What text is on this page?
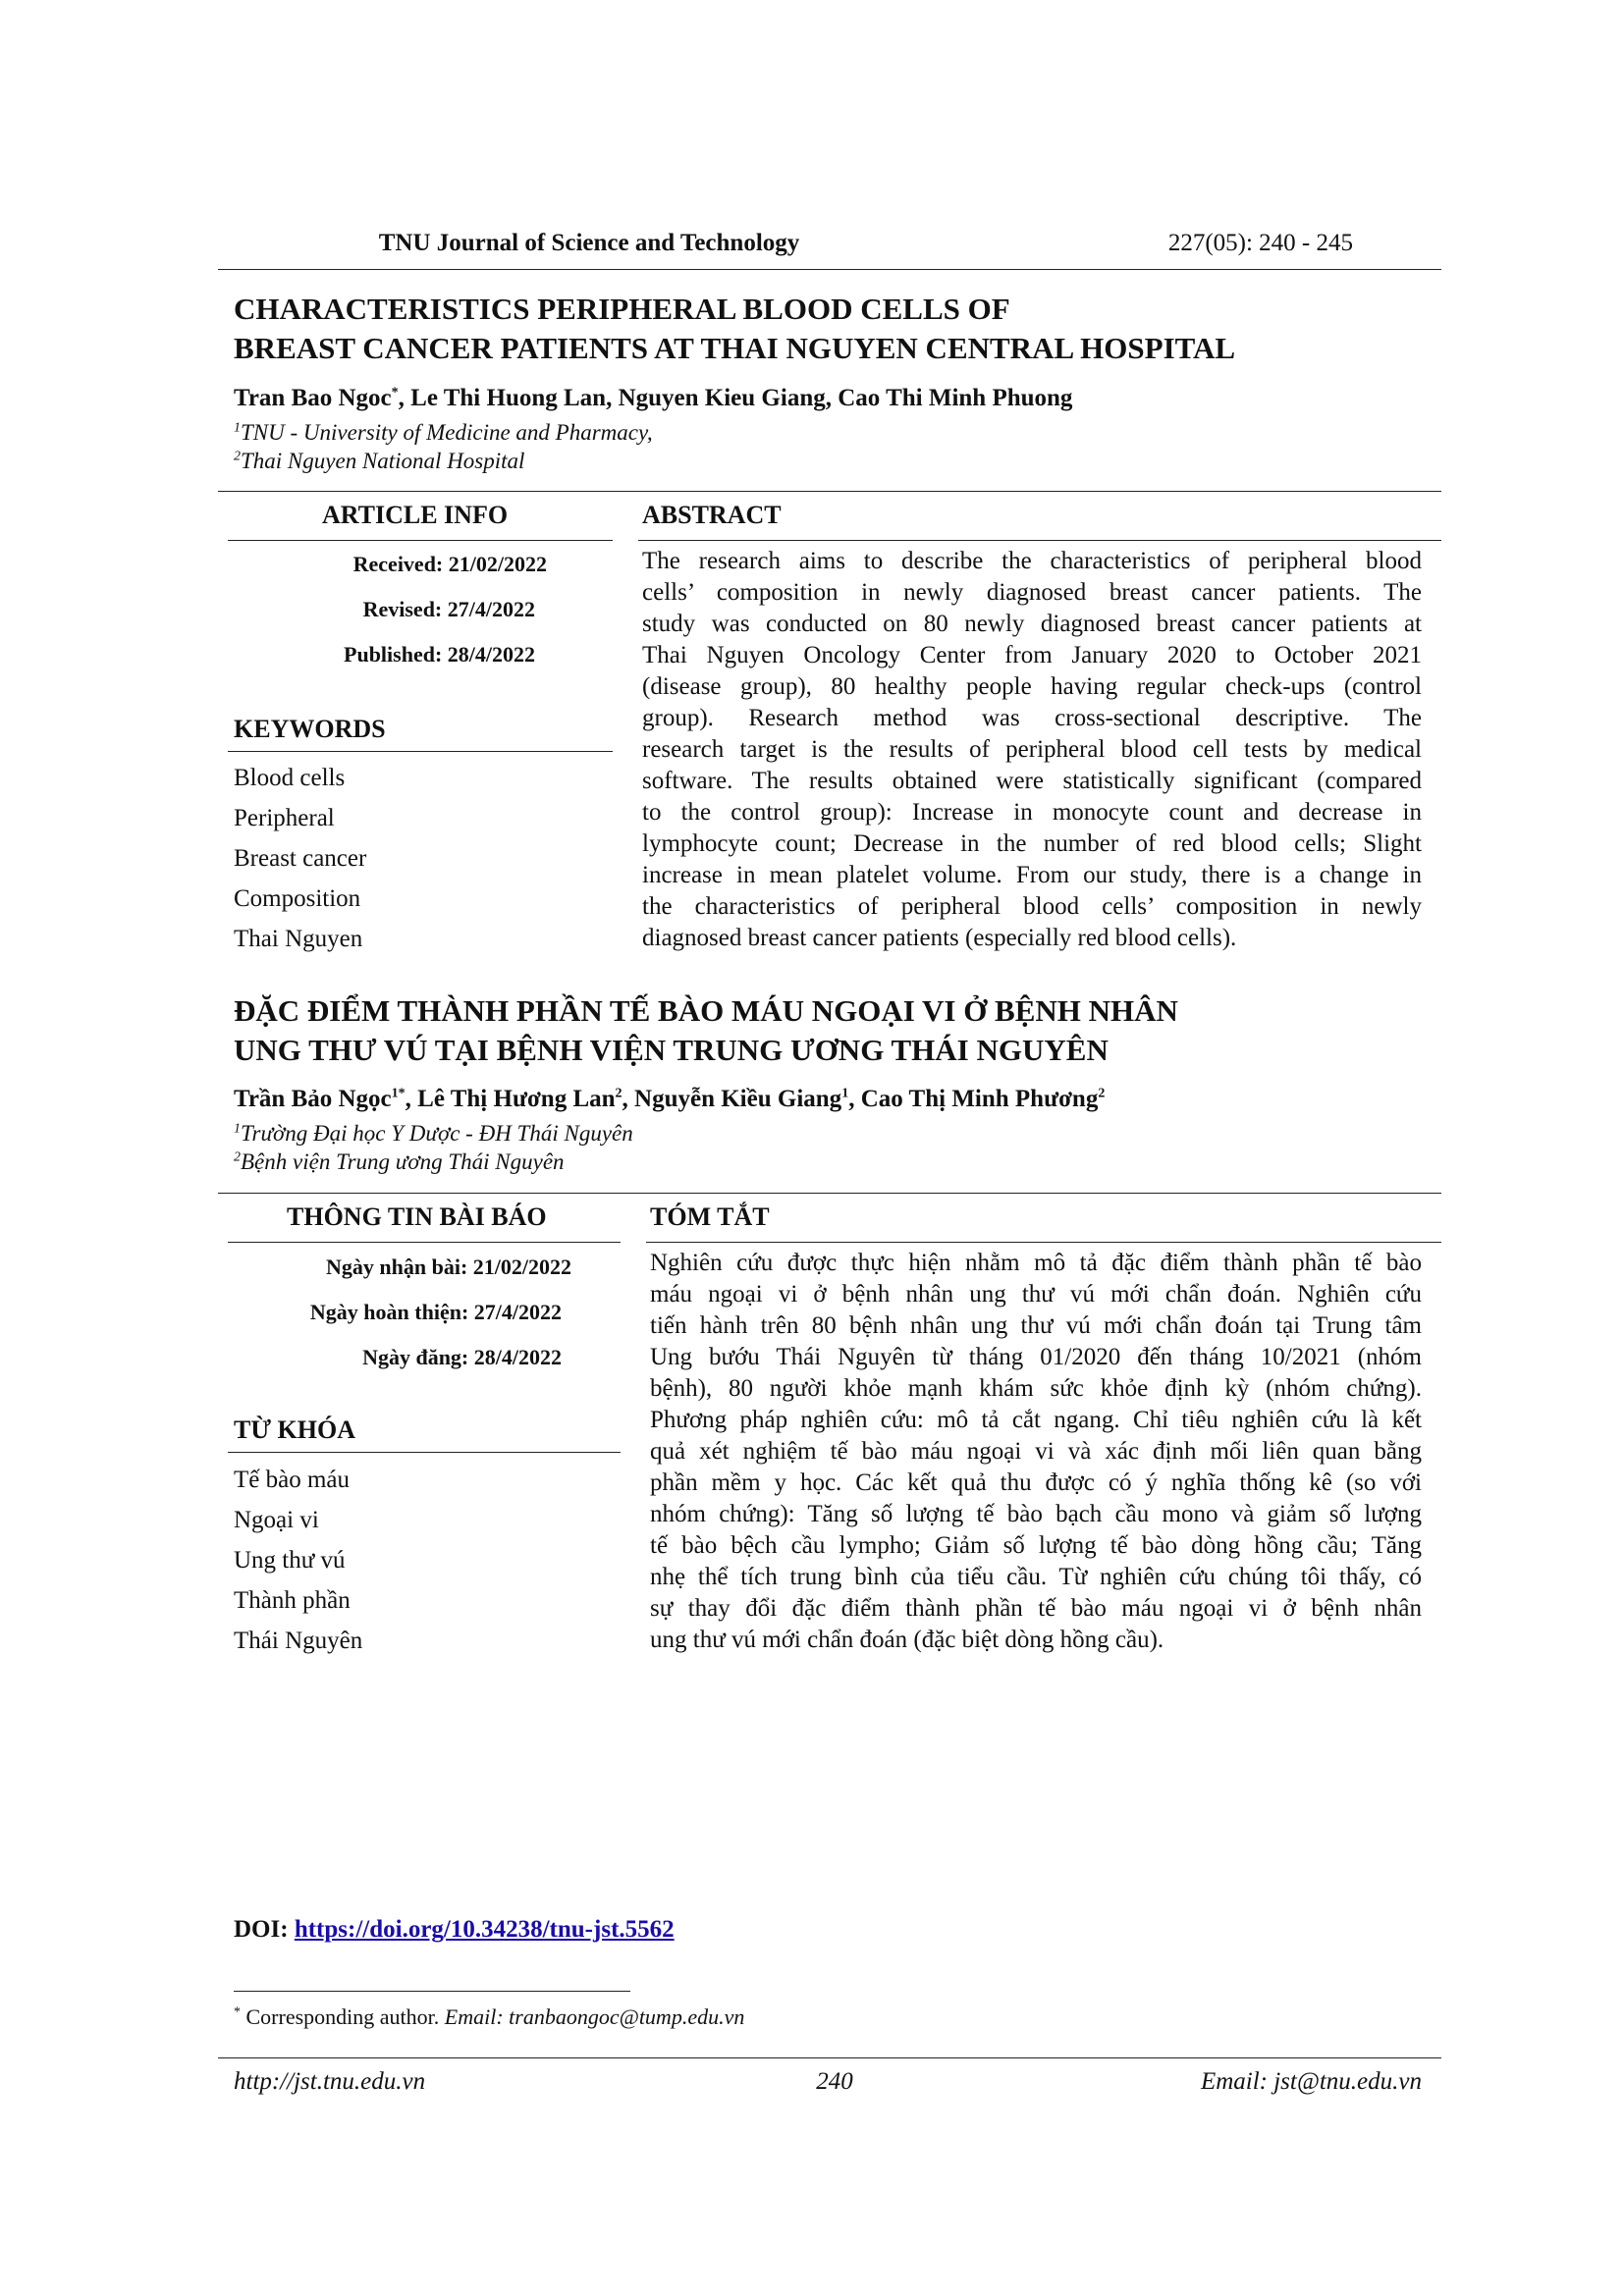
TNU Journal of Science and Technology	227(05): 240 - 245
CHARACTERISTICS PERIPHERAL BLOOD CELLS OF
BREAST CANCER PATIENTS AT THAI NGUYEN CENTRAL HOSPITAL
Tran Bao Ngoc*, Le Thi Huong Lan, Nguyen Kieu Giang, Cao Thi Minh Phuong
$^1$TNU - University of Medicine and Pharmacy,
$^2$Thai Nguyen National Hospital
ARTICLE INFO	ABSTRACT
Received: 21/02/2022
Revised: 27/4/2022
Published: 28/4/2022
KEYWORDS
Blood cells
Peripheral
Breast cancer
Composition
Thai Nguyen
The research aims to describe the characteristics of peripheral blood
cells’ composition in newly diagnosed breast cancer patients. The
study was conducted on 80 newly diagnosed breast cancer patients at
Thai Nguyen Oncology Center from January 2020 to October 2021
(disease group), 80 healthy people having regular check-ups (control
group). Research method was cross-sectional descriptive. The
research target is the results of peripheral blood cell tests by medical
software. The results obtained were statistically significant (compared
to the control group): Increase in monocyte count and decrease in
lymphocyte count; Decrease in the number of red blood cells; Slight
increase in mean platelet volume. From our study, there is a change in
the characteristics of peripheral blood cells’ composition in newly
diagnosed breast cancer patients (especially red blood cells).
ĐẶC ĐIỂM THÀNH PHẦN TẾ BÀO MÁU NGOẠI VI Ở BỆNH NHÂN
UNG THƯ VÚ TẠI BỆNH VIỆN TRUNG ƯƠNG THÁI NGUYÊN
Trần Bảo Ngọc$^{1*}$, Lê Thị Hương Lan$^2$, Nguyễn Kiều Giang$^1$, Cao Thị Minh Phương$^2$
$^1$Trường Đại học Y Dược - ĐH Thái Nguyên
$^2$Bệnh viện Trung ương Thái Nguyên
THÔNG TIN BÀI BÁO	TÓM TẮT
Ngày nhận bài: 21/02/2022
Ngày hoàn thiện: 27/4/2022
Ngày đăng: 28/4/2022
TỪ KHÓA
Tế bào máu
Ngoại vi
Ung thư vú
Thành phần
Thái Nguyên
Nghiên cứu được thực hiện nhằm mô tả đặc điểm thành phần tế bào
máu ngoại vi ở bệnh nhân ung thư vú mới chẩn đoán. Nghiên cứu
tiến hành trên 80 bệnh nhân ung thư vú mới chẩn đoán tại Trung tâm
Ung bướu Thái Nguyên từ tháng 01/2020 đến tháng 10/2021 (nhóm
bệnh), 80 người khỏe mạnh khám sức khỏe định kỳ (nhóm chứng).
Phương pháp nghiên cứu: mô tả cắt ngang. Chỉ tiêu nghiên cứu là kết
quả xét nghiệm tế bào máu ngoại vi và xác định mối liên quan bằng
phần mềm y học. Các kết quả thu được có ý nghĩa thống kê (so với
nhóm chứng): Tăng số lượng tế bào bạch cầu mono và giảm số lượng
tế bào bệch cầu lympho; Giảm số lượng tế bào dòng hồng cầu; Tăng
nhẹ thể tích trung bình của tiểu cầu. Từ nghiên cứu chúng tôi thấy, có
sự thay đổi đặc điểm thành phần tế bào máu ngoại vi ở bệnh nhân
ung thư vú mới chẩn đoán (đặc biệt dòng hồng cầu).
DOI: https://doi.org/10.34238/tnu-jst.5562
* Corresponding author. Email: tranbaongoc@tump.edu.vn
http://jst.tnu.edu.vn	240	Email: jst@tnu.edu.vn
